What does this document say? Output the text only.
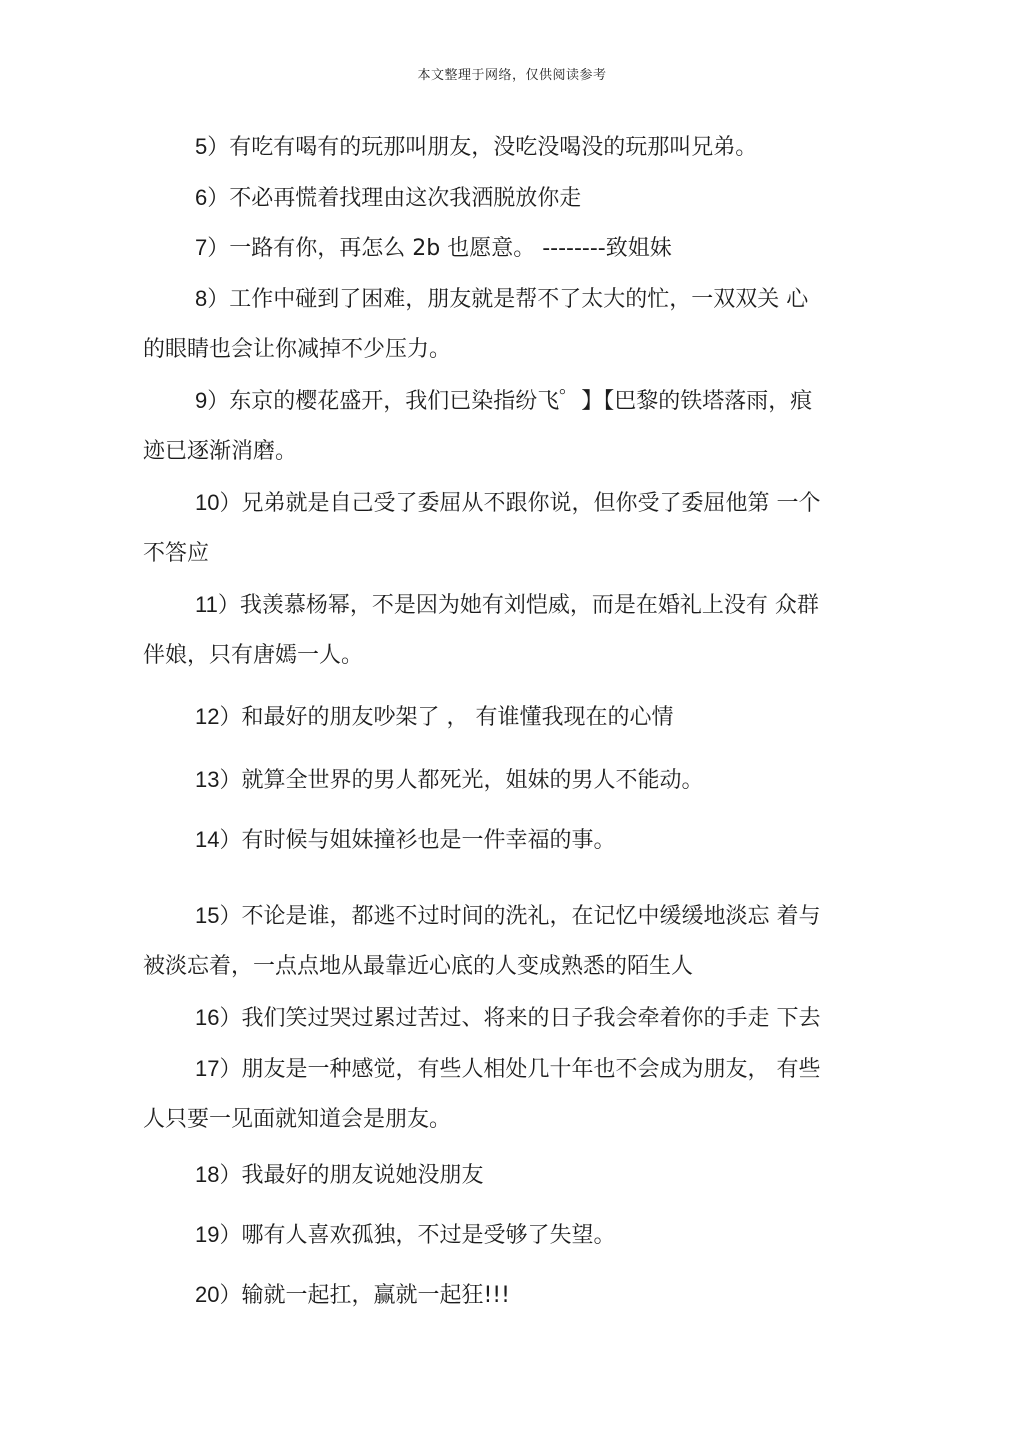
本文整理于网络，仅供阅读参考
5）有吃有喝有的玩那叫朋友，没吃没喝没的玩那叫兄弟。
6）不必再慌着找理由这次我洒脱放你走
7）一路有你，再怎么 2b 也愿意。 --------致姐妹
8）工作中碰到了困难，朋友就是帮不了太大的忙，一双双关 心
的眼睛也会让你减掉不少压力。
9）东京的樱花盛开，我们已染指纷飞゜】【巴黎的铁塔落雨，痕
迹已逐渐消磨。
10）兄弟就是自己受了委屈从不跟你说，但你受了委屈他第 一个
不答应
11）我羡慕杨幂，不是因为她有刘恺威，而是在婚礼上没有 众群
伴娘，只有唐嫣一人。
12）和最好的朋友吵架了 ， 有谁懂我现在的心情
13）就算全世界的男人都死光，姐妹的男人不能动。
14）有时候与姐妹撞衫也是一件幸福的事。
15）不论是谁，都逃不过时间的洗礼，在记忆中缓缓地淡忘 着与
被淡忘着，一点点地从最靠近心底的人变成熟悉的陌生人
16）我们笑过哭过累过苦过、将来的日子我会牵着你的手走 下去
17）朋友是一种感觉，有些人相处几十年也不会成为朋友， 有些
人只要一见面就知道会是朋友。
18）我最好的朋友说她没朋友
19）哪有人喜欢孤独，不过是受够了失望。
20）输就一起扛，赢就一起狂!!!
